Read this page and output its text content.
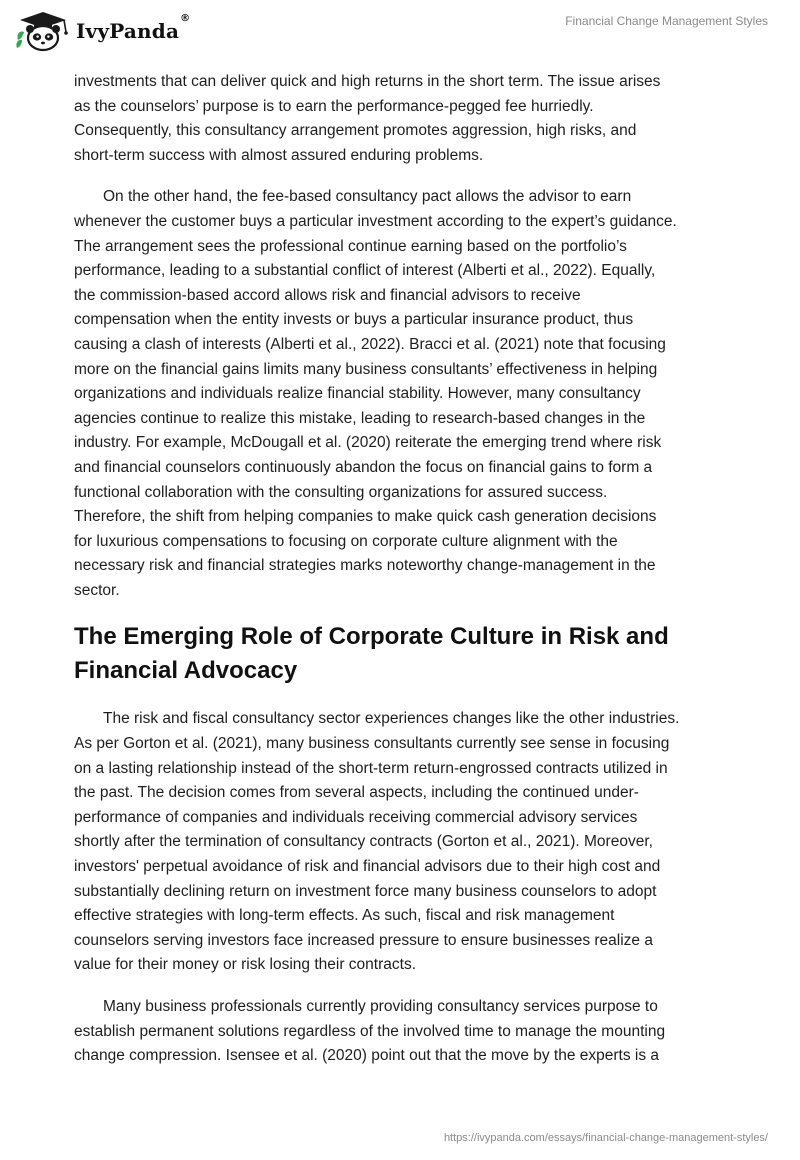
IvyPanda®	Financial Change Management Styles

investments that can deliver quick and high returns in the short term. The issue arises
as the counselors’ purpose is to earn the performance-pegged fee hurriedly.
Consequently, this consultancy arrangement promotes aggression, high risks, and
short-term success with almost assured enduring problems.

On the other hand, the fee-based consultancy pact allows the advisor to earn
whenever the customer buys a particular investment according to the expert’s guidance.
The arrangement sees the professional continue earning based on the portfolio’s
performance, leading to a substantial conflict of interest (Alberti et al., 2022). Equally,
the commission-based accord allows risk and financial advisors to receive
compensation when the entity invests or buys a particular insurance product, thus
causing a clash of interests (Alberti et al., 2022). Bracci et al. (2021) note that focusing
more on the financial gains limits many business consultants’ effectiveness in helping
organizations and individuals realize financial stability. However, many consultancy
agencies continue to realize this mistake, leading to research-based changes in the
industry. For example, McDougall et al. (2020) reiterate the emerging trend where risk
and financial counselors continuously abandon the focus on financial gains to form a
functional collaboration with the consulting organizations for assured success.
Therefore, the shift from helping companies to make quick cash generation decisions
for luxurious compensations to focusing on corporate culture alignment with the
necessary risk and financial strategies marks noteworthy change-management in the
sector.

The Emerging Role of Corporate Culture in Risk and
Financial Advocacy

The risk and fiscal consultancy sector experiences changes like the other industries.
As per Gorton et al. (2021), many business consultants currently see sense in focusing
on a lasting relationship instead of the short-term return-engrossed contracts utilized in
the past. The decision comes from several aspects, including the continued under-
performance of companies and individuals receiving commercial advisory services
shortly after the termination of consultancy contracts (Gorton et al., 2021). Moreover,
investors' perpetual avoidance of risk and financial advisors due to their high cost and
substantially declining return on investment force many business counselors to adopt
effective strategies with long-term effects. As such, fiscal and risk management
counselors serving investors face increased pressure to ensure businesses realize a
value for their money or risk losing their contracts.

Many business professionals currently providing consultancy services purpose to
establish permanent solutions regardless of the involved time to manage the mounting
change compression. Isensee et al. (2020) point out that the move by the experts is a

https://ivypanda.com/essays/financial-change-management-styles/
